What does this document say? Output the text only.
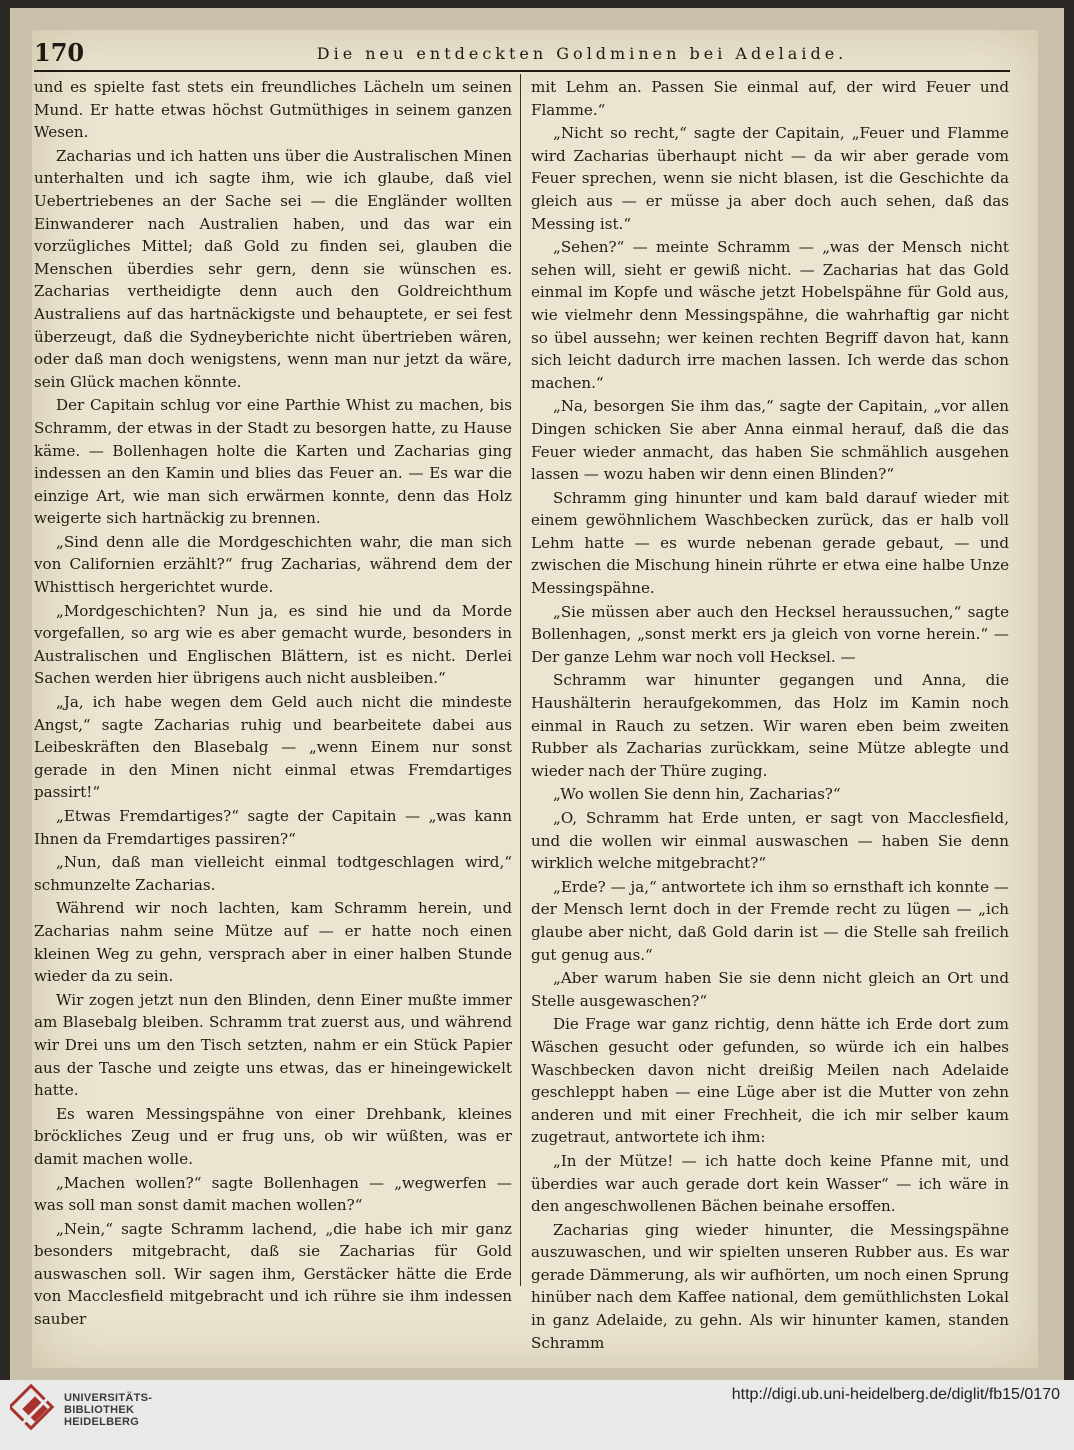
170	Die neu entdeckten Goldminen bei Adelaide.

und es spielte fast stets ein freundliches Lächeln um seinen Mund. Er hatte etwas höchst Gutmüthiges in seinem ganzen Wesen.

Zacharias und ich hatten uns über die Australischen Minen unterhalten und ich sagte ihm, wie ich glaube, daß viel Uebertriebenes an der Sache sei — die Engländer wollten Einwanderer nach Australien haben, und das war ein vorzügliches Mittel; daß Gold zu finden sei, glauben die Menschen überdies sehr gern, denn sie wünschen es. Zacharias vertheidigte denn auch den Goldreichthum Australiens auf das hartnäckigste und behauptete, er sei fest überzeugt, daß die Sydneyberichte nicht übertrieben wären, oder daß man doch wenigstens, wenn man nur jetzt da wäre, sein Glück machen könnte.

Der Capitain schlug vor eine Parthie Whist zu machen, bis Schramm, der etwas in der Stadt zu besorgen hatte, zu Hause käme. — Bollenhagen holte die Karten und Zacharias ging indessen an den Kamin und blies das Feuer an. — Es war die einzige Art, wie man sich erwärmen konnte, denn das Holz weigerte sich hartnäckig zu brennen.

„Sind denn alle die Mordgeschichten wahr, die man sich von Californien erzählt?“ frug Zacharias, während dem der Whisttisch hergerichtet wurde.

„Mordgeschichten? Nun ja, es sind hie und da Morde vorgefallen, so arg wie es aber gemacht wurde, besonders in Australischen und Englischen Blättern, ist es nicht. Derlei Sachen werden hier übrigens auch nicht ausbleiben.“

„Ja, ich habe wegen dem Geld auch nicht die mindeste Angst,“ sagte Zacharias ruhig und bearbeitete dabei aus Leibeskräften den Blasebalg — „wenn Einem nur sonst gerade in den Minen nicht einmal etwas Fremdartiges passirt!“

„Etwas Fremdartiges?“ sagte der Capitain — „was kann Ihnen da Fremdartiges passiren?“

„Nun, daß man vielleicht einmal todtgeschlagen wird,“ schmunzelte Zacharias.

Während wir noch lachten, kam Schramm herein, und Zacharias nahm seine Mütze auf — er hatte noch einen kleinen Weg zu gehn, versprach aber in einer halben Stunde wieder da zu sein.

Wir zogen jetzt nun den Blinden, denn Einer mußte immer am Blasebalg bleiben. Schramm trat zuerst aus, und während wir Drei uns um den Tisch setzten, nahm er ein Stück Papier aus der Tasche und zeigte uns etwas, das er hineingewickelt hatte.

Es waren Messingspähne von einer Drehbank, kleines bröckliches Zeug und er frug uns, ob wir wüßten, was er damit machen wolle.

„Machen wollen?“ sagte Bollenhagen — „wegwerfen — was soll man sonst damit machen wollen?“

„Nein,“ sagte Schramm lachend, „die habe ich mir ganz besonders mitgebracht, daß sie Zacharias für Gold auswaschen soll. Wir sagen ihm, Gerstäcker hätte die Erde von Macclesfield mitgebracht und ich rühre sie ihm indessen sauber

mit Lehm an. Passen Sie einmal auf, der wird Feuer und Flamme.“

„Nicht so recht,“ sagte der Capitain, „Feuer und Flamme wird Zacharias überhaupt nicht — da wir aber gerade vom Feuer sprechen, wenn sie nicht blasen, ist die Geschichte da gleich aus — er müsse ja aber doch auch sehen, daß das Messing ist.“

„Sehen?“ — meinte Schramm — „was der Mensch nicht sehen will, sieht er gewiß nicht. — Zacharias hat das Gold einmal im Kopfe und wäsche jetzt Hobelspähne für Gold aus, wie vielmehr denn Messingspähne, die wahrhaftig gar nicht so übel aussehn; wer keinen rechten Begriff davon hat, kann sich leicht dadurch irre machen lassen. Ich werde das schon machen.“

„Na, besorgen Sie ihm das,“ sagte der Capitain, „vor allen Dingen schicken Sie aber Anna einmal herauf, daß die das Feuer wieder anmacht, das haben Sie schmählich ausgehen lassen — wozu haben wir denn einen Blinden?“

Schramm ging hinunter und kam bald darauf wieder mit einem gewöhnlichem Waschbecken zurück, das er halb voll Lehm hatte — es wurde nebenan gerade gebaut, — und zwischen die Mischung hinein rührte er etwa eine halbe Unze Messingspähne.

„Sie müssen aber auch den Hecksel heraussuchen,“ sagte Bollenhagen, „sonst merkt ers ja gleich von vorne herein.“ — Der ganze Lehm war noch voll Hecksel. —

Schramm war hinunter gegangen und Anna, die Haushälterin heraufgekommen, das Holz im Kamin noch einmal in Rauch zu setzen. Wir waren eben beim zweiten Rubber als Zacharias zurückkam, seine Mütze ablegte und wieder nach der Thüre zuging.

„Wo wollen Sie denn hin, Zacharias?“

„O, Schramm hat Erde unten, er sagt von Macclesfield, und die wollen wir einmal auswaschen — haben Sie denn wirklich welche mitgebracht?“

„Erde? — ja,“ antwortete ich ihm so ernsthaft ich konnte — der Mensch lernt doch in der Fremde recht zu lügen — „ich glaube aber nicht, daß Gold darin ist — die Stelle sah freilich gut genug aus.“

„Aber warum haben Sie sie denn nicht gleich an Ort und Stelle ausgewaschen?“

Die Frage war ganz richtig, denn hätte ich Erde dort zum Wäschen gesucht oder gefunden, so würde ich ein halbes Waschbecken davon nicht dreißig Meilen nach Adelaide geschleppt haben — eine Lüge aber ist die Mutter von zehn anderen und mit einer Frechheit, die ich mir selber kaum zugetraut, antwortete ich ihm:

„In der Mütze! — ich hatte doch keine Pfanne mit, und überdies war auch gerade dort kein Wasser“ — ich wäre in den angeschwollenen Bächen beinahe ersoffen.

Zacharias ging wieder hinunter, die Messingspähne auszuwaschen, und wir spielten unseren Rubber aus. Es war gerade Dämmerung, als wir aufhörten, um noch einen Sprung hinüber nach dem Kaffee national, dem gemüthlichsten Lokal in ganz Adelaide, zu gehn. Als wir hinunter kamen, standen Schramm

UNIVERSITÄTS-
BIBLIOTHEK
HEIDELBERG
http://digi.ub.uni-heidelberg.de/diglit/fb15/0170
